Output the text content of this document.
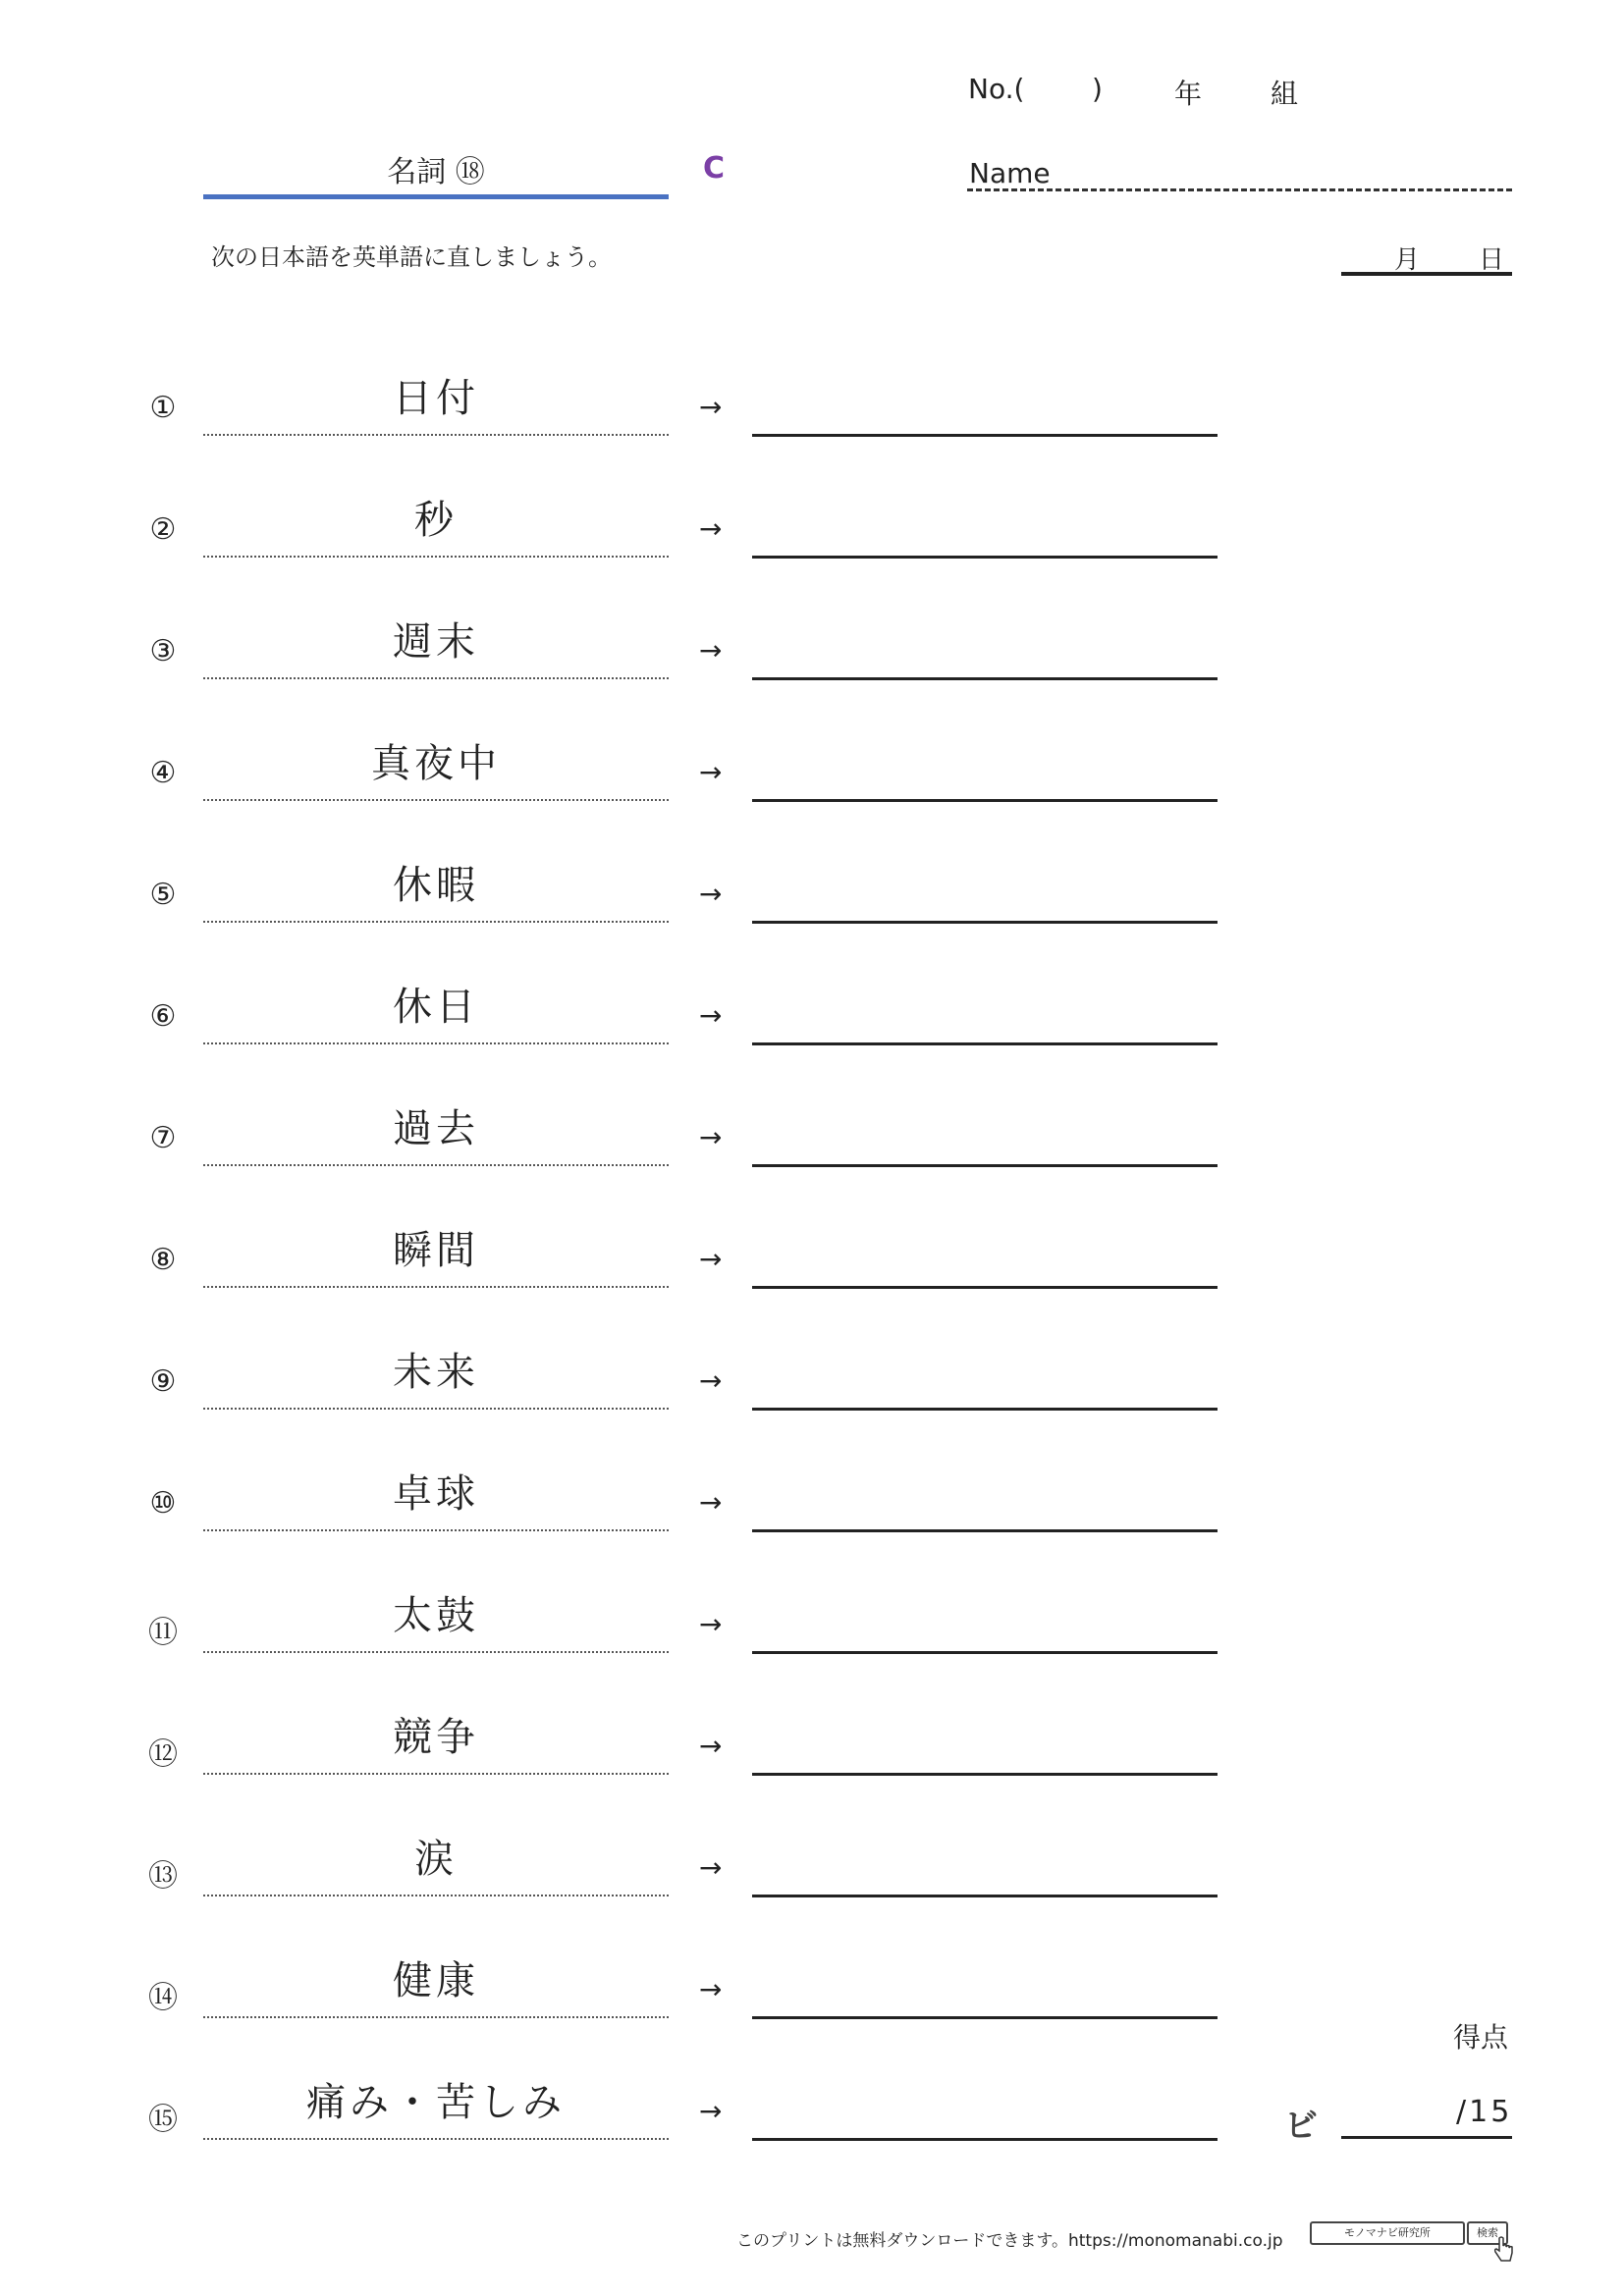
No.( )	年 組
名詞 ⑱	C	Name
次の日本語を英単語に直しましょう。	月 日
①	日付	→
②	秒	→
③	週末	→
④	真夜中	→
⑤	休暇	→
⑥	休日	→
⑦	過去	→
⑧	瞬間	→
⑨	未来	→
⑩	卓球	→
⑪	太鼓	→
⑫	競争	→
⑬	涙	→
⑭	健康	→
⑮	痛み・苦しみ	→
得点
ビ	/15
このプリントは無料ダウンロードできます。https://monomanabi.co.jp	モノマナビ研究所	検索
